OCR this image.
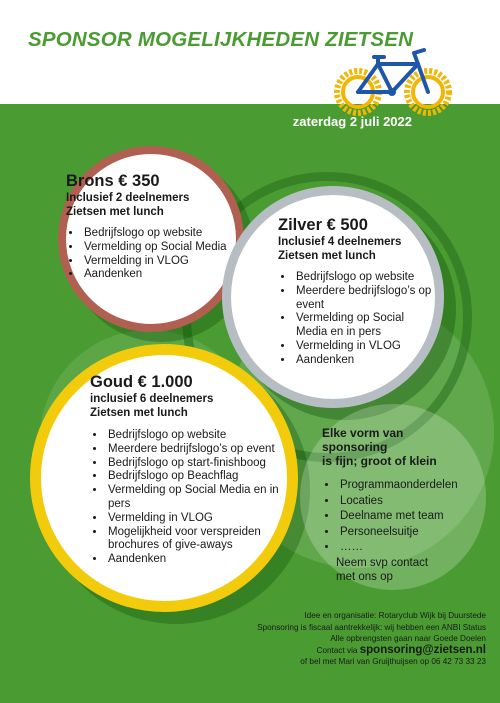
SPONSOR MOGELIJKHEDEN ZIETSEN
zaterdag 2 juli 2022
Brons € 350
Inclusief 2 deelnemers
Zietsen met lunch
• Bedrijfslogo op website
• Vermelding op Social Media
• Vermelding in VLOG
• Aandenken
Zilver € 500
Inclusief 4 deelnemers
Zietsen met lunch
• Bedrijfslogo op website
• Meerdere bedrijfslogo’s op event
• Vermelding op Social Media en in pers
• Vermelding in VLOG
• Aandenken
Goud € 1.000
inclusief 6 deelnemers
Zietsen met lunch
• Bedrijfslogo op website
• Meerdere bedrijfslogo’s op event
• Bedrijfslogo op start-finishboog
• Bedrijfslogo op Beachflag
• Vermelding op Social Media en in pers
• Vermelding in VLOG
• Mogelijkheid voor verspreiden brochures of give-aways
• Aandenken
Elke vorm van
sponsoring
is fijn; groot of klein
• Programmaonderdelen
• Locaties
• Deelname met team
• Personeelsuitje
• ……
Neem svp contact
met ons op
Idee en organisatie: Rotaryclub Wijk bij Duurstede
Sponsoring is fiscaal aantrekkelijk: wij hebben een ANBI Status
Alle opbrengsten gaan naar Goede Doelen
Contact via sponsoring@zietsen.nl
of bel met Mari van Gruijthuijsen op 06 42 73 33 23
